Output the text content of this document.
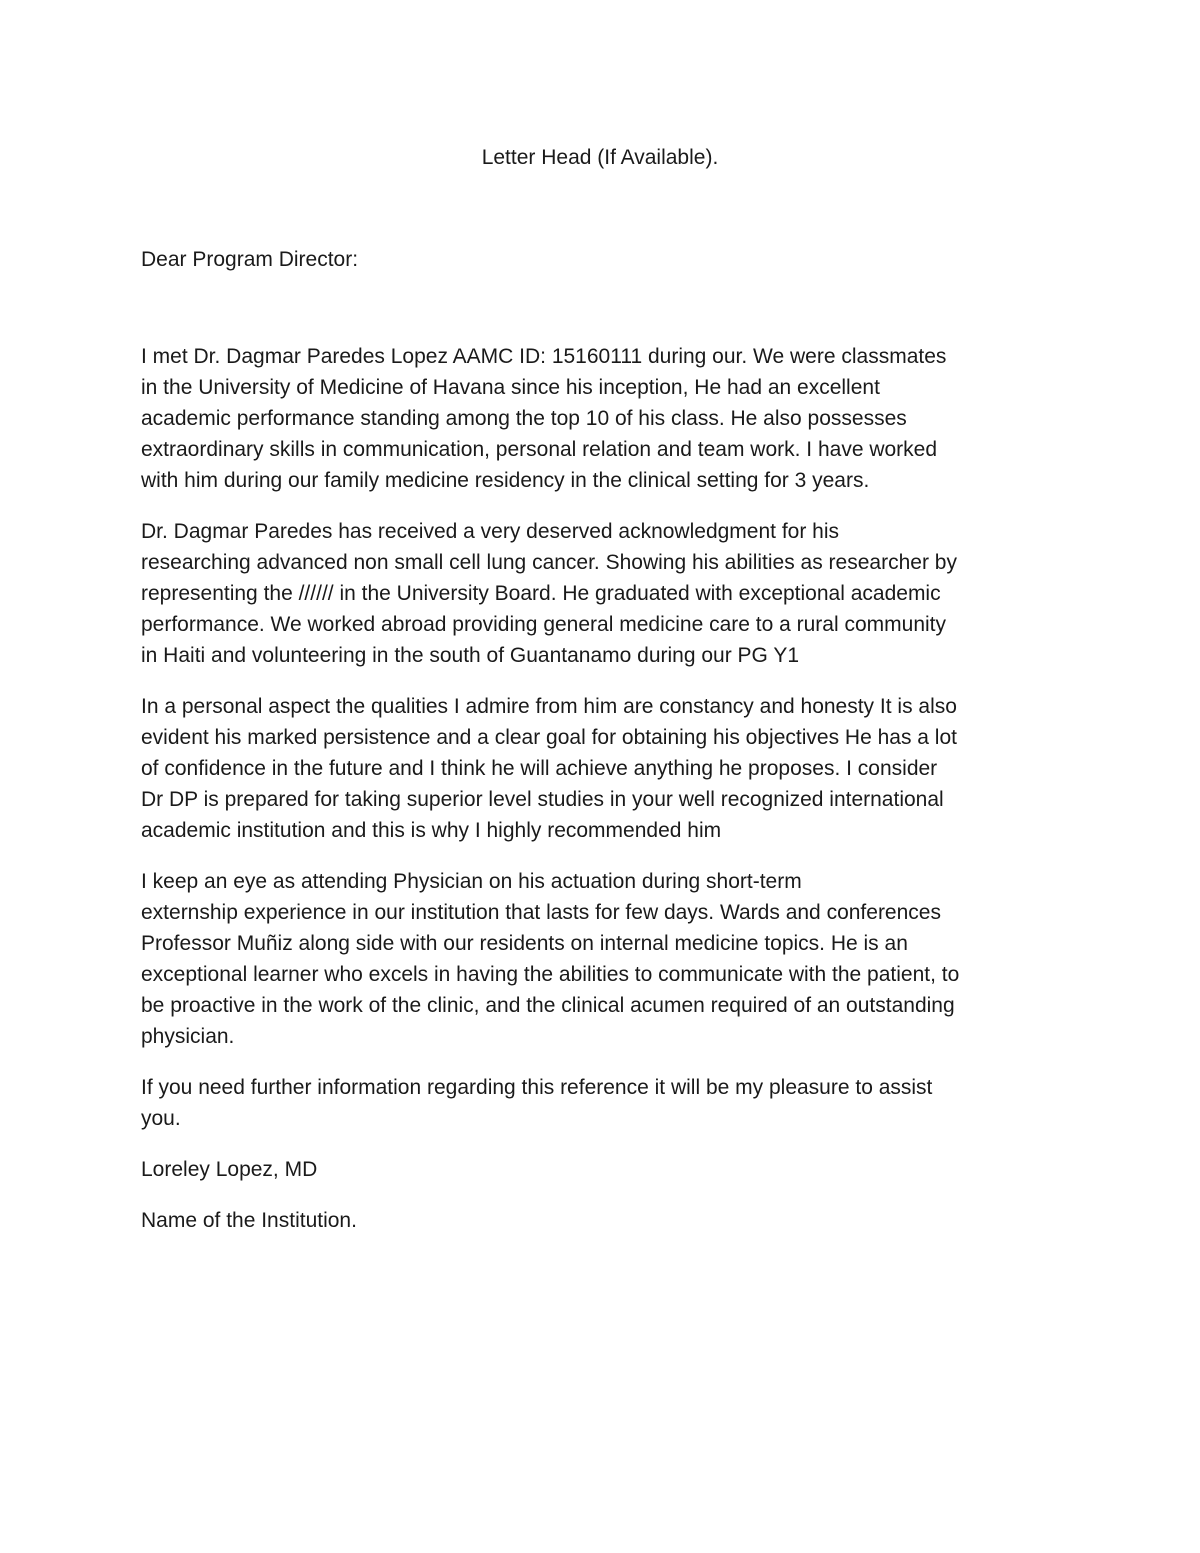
Letter Head (If Available).
Dear Program Director:

I met Dr. Dagmar Paredes Lopez AAMC ID: 15160111 during our. We were classmates
in the University of Medicine of Havana since his inception, He had an excellent
academic performance standing among the top 10 of his class. He also possesses
extraordinary skills in communication, personal relation and team work. I have worked
with him during our family medicine residency in the clinical setting for 3 years.

Dr. Dagmar Paredes has received a very deserved acknowledgment for his
researching advanced non small cell lung cancer. Showing his abilities as researcher by
representing the ////// in the University Board. He graduated with exceptional academic
performance. We worked abroad providing general medicine care to a rural community
in Haiti and volunteering in the south of Guantanamo during our PG Y1

In a personal aspect the qualities I admire from him are constancy and honesty It is also
evident his marked persistence and a clear goal for obtaining his objectives He has a lot
of confidence in the future and I think he will achieve anything he proposes. I consider
Dr DP is prepared for taking superior level studies in your well recognized international
academic institution and this is why I highly recommended him

I keep an eye as attending Physician on his actuation during short-term
externship experience in our institution that lasts for few days. Wards and conferences
Professor Muñiz along side with our residents on internal medicine topics. He is an
exceptional learner who excels in having the abilities to communicate with the patient, to
be proactive in the work of the clinic, and the clinical acumen required of an outstanding
physician.

If you need further information regarding this reference it will be my pleasure to assist
you.

Loreley Lopez, MD

Name of the Institution.
